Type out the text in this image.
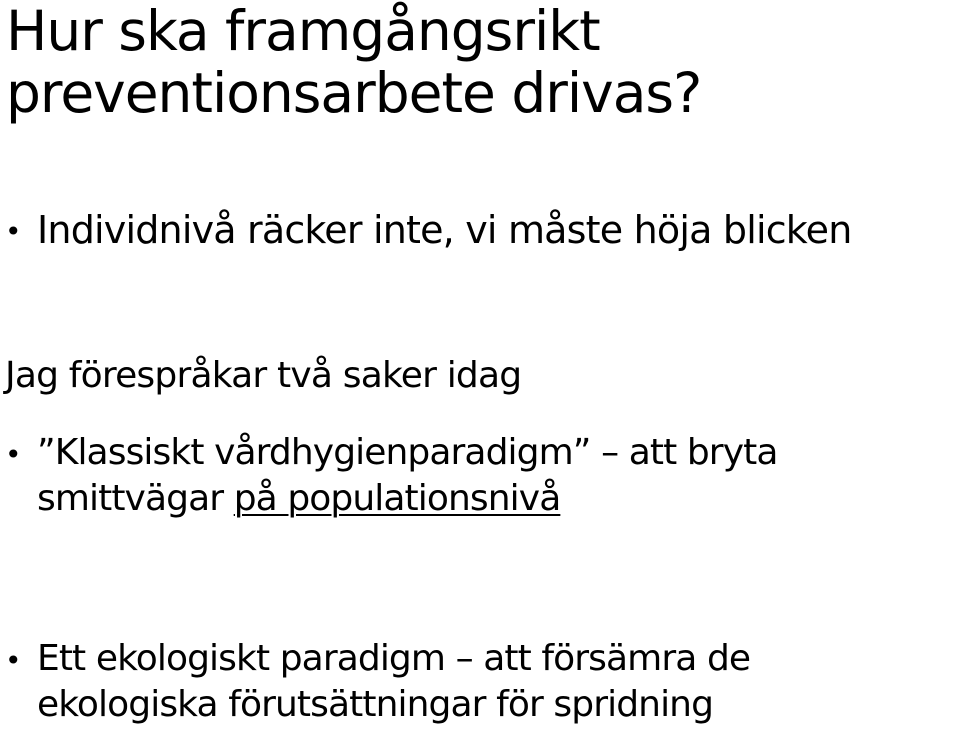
Hur ska framgångsrikt
preventionsarbete drivas?
• Individnivå räcker inte, vi måste höja blicken
Jag förespråkar två saker idag
• ”Klassiskt vårdhygienparadigm” – att bryta
smittvägar på populationsnivå
• Ett ekologiskt paradigm – att försämra de
ekologiska förutsättningar för spridning
